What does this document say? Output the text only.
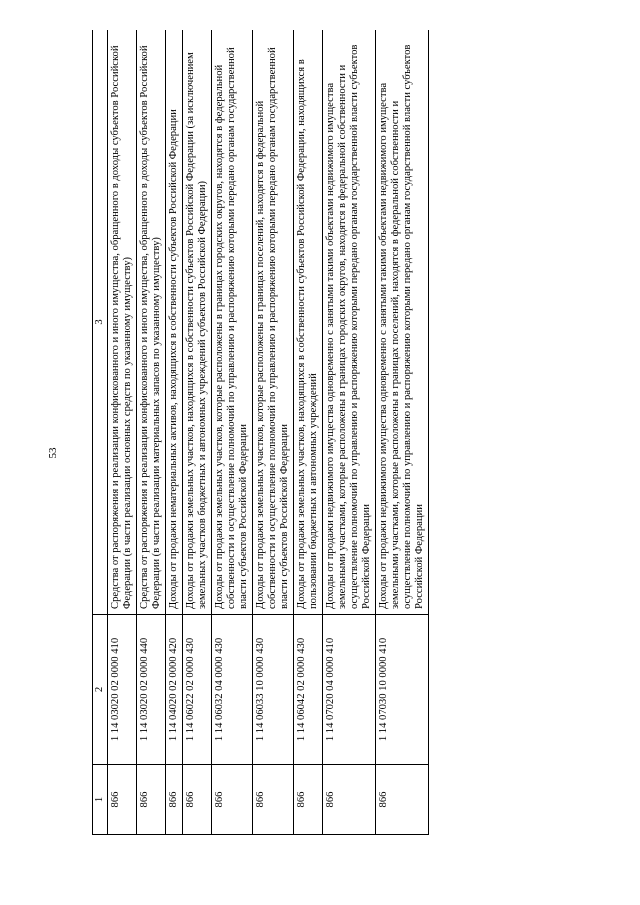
53
1	2	3
866	1 14 03020 02 0000 410	Средства от распоряжения и реализации конфискованного и иного имущества, обращенного в доходы субъектов Российской Федерации (в части реализации основных средств по указанному имуществу)
866	1 14 03020 02 0000 440	Средства от распоряжения и реализации конфискованного и иного имущества, обращенного в доходы субъектов Российской Федерации (в части реализации материальных запасов по указанному имуществу)
866	1 14 04020 02 0000 420	Доходы от продажи нематериальных активов, находящихся в собственности субъектов Российской Федерации
866	1 14 06022 02 0000 430	Доходы от продажи земельных участков, находящихся в собственности субъектов Российской Федерации (за исключением земельных участков бюджетных и автономных учреждений субъектов Российской Федерации)
866	1 14 06032 04 0000 430	Доходы от продажи земельных участков, которые расположены в границах городских округов, находятся в федеральной собственности и осуществление полномочий по управлению и распоряжению которыми передано органам государственной власти субъектов Российской Федерации
866	1 14 06033 10 0000 430	Доходы от продажи земельных участков, которые расположены в границах поселений, находятся в федеральной собственности и осуществление полномочий по управлению и распоряжению которыми передано органам государственной власти субъектов Российской Федерации
866	1 14 06042 02 0000 430	Доходы от продажи земельных участков, находящихся в собственности субъектов Российской Федерации, находящихся в пользовании бюджетных и автономных учреждений
866	1 14 07020 04 0000 410	Доходы от продажи недвижимого имущества одновременно с занятыми такими объектами недвижимого имущества земельными участками, которые расположены в границах городских округов, находятся в федеральной собственности и осуществление полномочий по управлению и распоряжению которыми передано органам государственной власти субъектов Российской Федерации
866	1 14 07030 10 0000 410	Доходы от продажи недвижимого имущества одновременно с занятыми такими объектами недвижимого имущества земельными участками, которые расположены в границах поселений, находятся в федеральной собственности и осуществление полномочий по управлению и распоряжению которыми передано органам государственной власти субъектов Российской Федерации
